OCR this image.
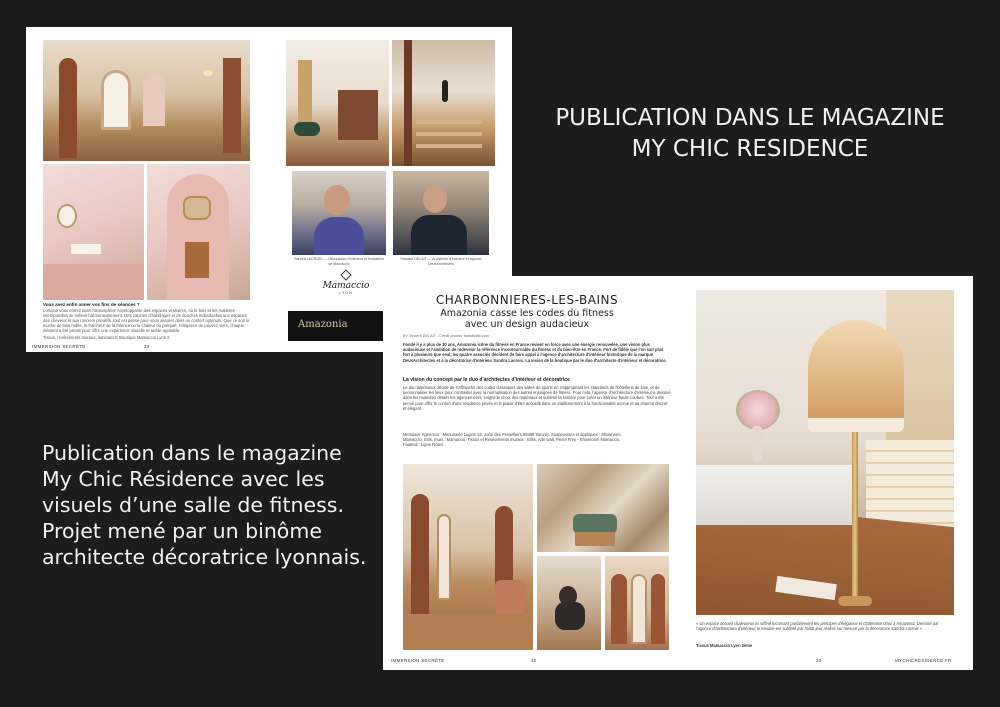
PUBLICATION DANS LE MAGAZINE
MY CHIC RESIDENCE
Publication dans le magazine
My Chic Résidence avec les
visuels d’une salle de fitness.
Projet mené par un binôme
architecte décoratrice lyonnais.
Vous avez enfin aimer vos fins de séances ?
Lorsque vous entrez dans l'atmosphère enveloppante des espaces vestiaires, où le bois et les matières intemporelles se mêlent harmonieusement. Des cabines d'habillages et de douches individuelles aux espaces des cheveux et aux ronciers privatifs, tout est pensé pour vous assurer dans un confort optimum. Que ce soit la touche de bois noble, la fraîcheur de la faïence ou la chaleur du parquet, l'élégance du pouvez vivre, chaque élément a été pensé pour offrir une expérience visuelle et tactile agréable.
Tissus, revêtements muraux, luminaires: Boutique Mamaccio Lyon 2
IMMERSION SECRÈTE	34
Sandra LACROIX — Décoratrice d'intérieur et fondatrice de Mamaccio
Pascale DELAIT — Architecte d'intérieur et agence DeuxArchitectes
Mamaccio
LYON
Amazonia
CHARBONNIERES-LES-BAINS
Amazonia casse les codes du fitness
avec un design audacieux
BY Vincent DELAIT - Crédit photos: Ikebalchik.com
Fondé il y a plus de 30 ans, Amazonia icône du fitness en France revient en force avec une énergie renouvelée, une vision plus audacieuse et l'ambition de redevenir la référence incontournable du fitness et du bien-être en France. Fort de fidèle que l'on sait plus fort à plusieurs que seul, les quatre associés décident de faire appel à l'agence d'architecture d'intérieur historique de la marque DeuxArchitectes et à la décoratrice d'intérieur Sandra Lacroix. La vision de la boutique par le duo d'architecte d'intérieur et décoratrice.
La vision du concept par le duo d'architectes d'intérieur et décoratrice
Le duo talentueux décide de s'affranchir des codes classiques des salles de sports en s'appropriant les standards de l'hôtellerie de luxe, et de personnaliser les lieux pour contraster avec la normalisation des autres enseignes de fitness. Pour cela, l'agence d'architecture d'intérieur a dessiné dans les moindres détails les agencements, soigné le choix des matériaux et sublimé la lumière pour créer un intérieur haute couture. Tout a été pensé pour offrir le confort d'une résidence privée et le plaisir d'être accueilli dans un établissement à la fonctionnalité accrue et au charme discret et élégant.
Menuisier Agenceur : Menuiserie Lugem 52, zone des Pesselliers 69490 Sancey. Suspensions et appliques : Showroom Mamaccio. Sols, murs : Mamaccio. Tissus et Revêtements muraux : Elitis, Arte wall, Pierre Frey - Showroom Mamaccio. Fauteuil : Ligne Roset
« Un espace accueil chaleureux et raffiné incarnant parfaitement les principes d'élégance et d'attention chez à Amazonia. Dessiné par l'agence d'architecture d'intérieur le meuble est sublimé par l'abat-jour réalisé sur mesure par la décoratrice Sandra Lacroix »
Tissus Mamaccio Lyon 2ème
IMMERSION SECRÈTE	32	33	MYCHICRESIDENCE.FR
